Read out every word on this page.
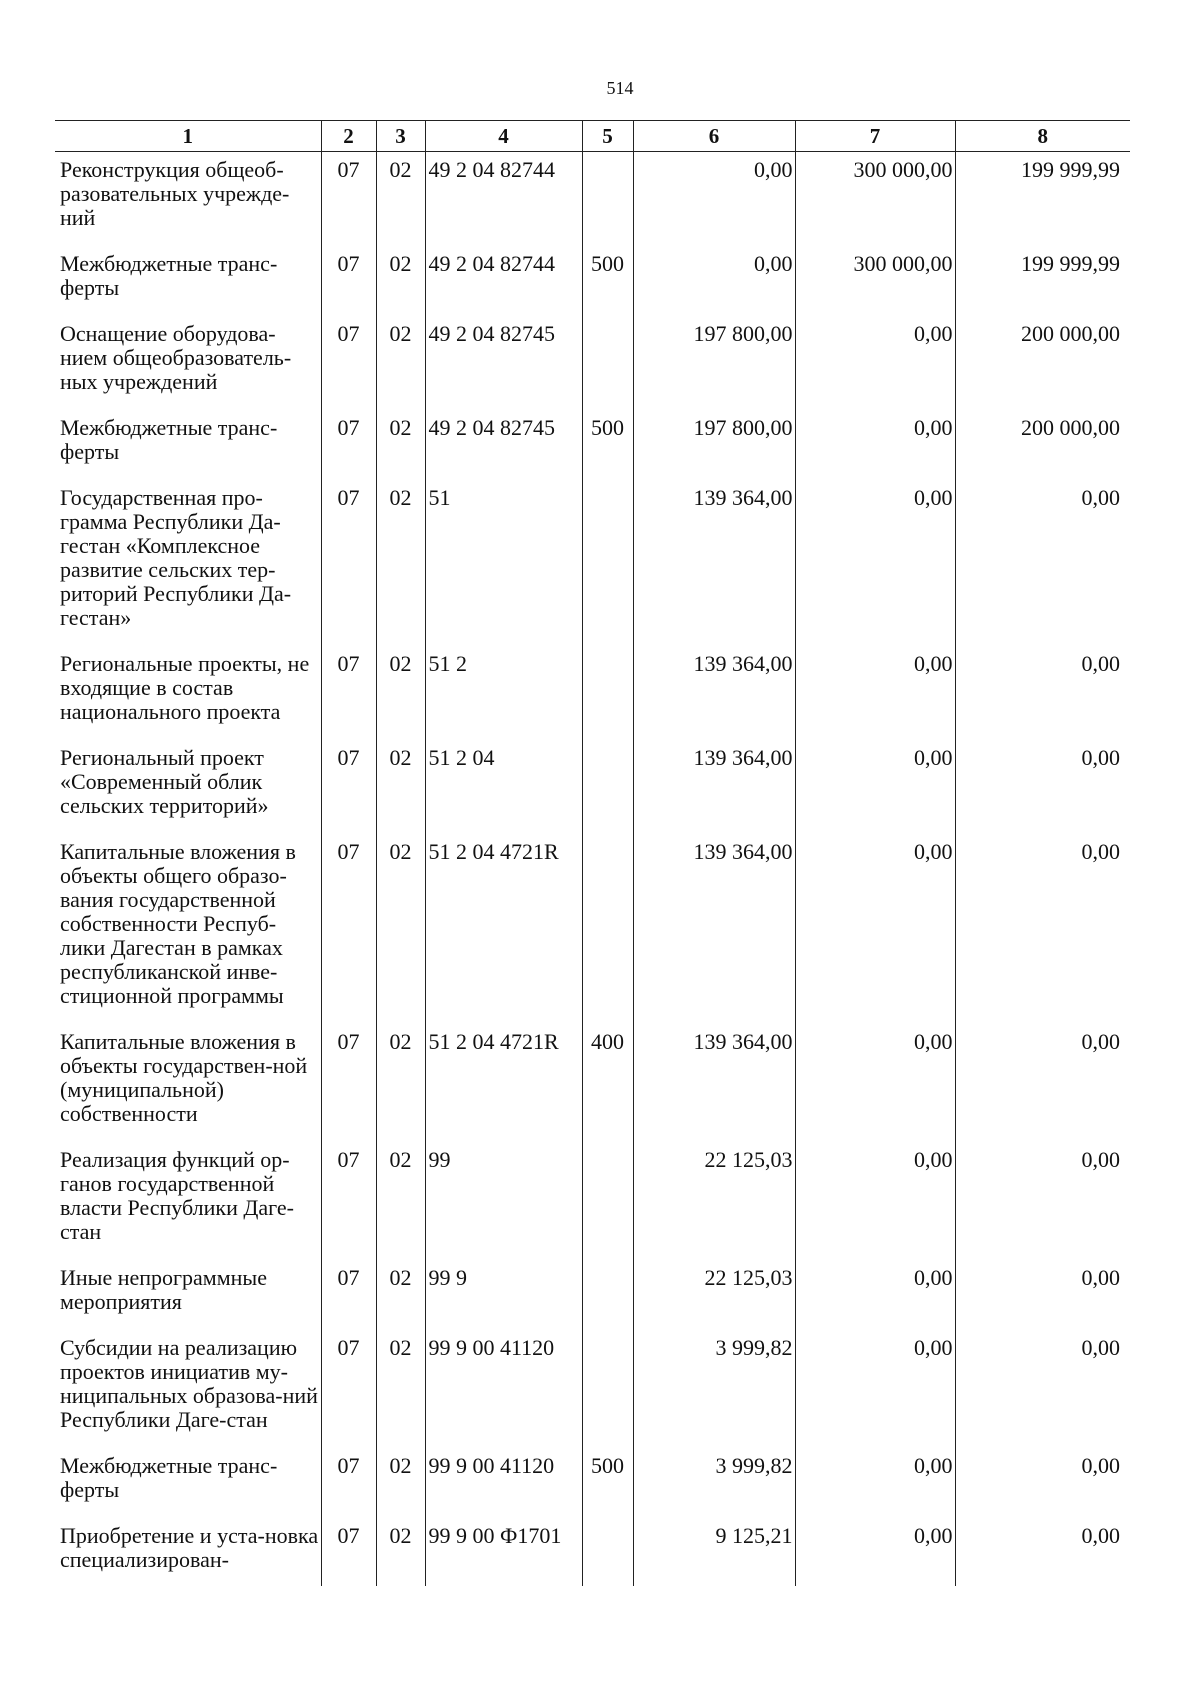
514
1	2	3	4	5	6	7	8
Реконструкция общеоб-разовательных учрежде-ний	07	02	49 2 04 82744		0,00	300 000,00	199 999,99
Межбюджетные транс-ферты	07	02	49 2 04 82744	500	0,00	300 000,00	199 999,99
Оснащение оборудова-нием общеобразователь-ных учреждений	07	02	49 2 04 82745		197 800,00	0,00	200 000,00
Межбюджетные транс-ферты	07	02	49 2 04 82745	500	197 800,00	0,00	200 000,00
Государственная про-грамма Республики Да-гестан «Комплексное развитие сельских тер-риторий Республики Да-гестан»	07	02	51		139 364,00	0,00	0,00
Региональные проекты, не входящие в состав национального проекта	07	02	51 2		139 364,00	0,00	0,00
Региональный проект «Современный облик сельских территорий»	07	02	51 2 04		139 364,00	0,00	0,00
Капитальные вложения в объекты общего образо-вания государственной собственности Респуб-лики Дагестан в рамках республиканской инве-стиционной программы	07	02	51 2 04 4721R		139 364,00	0,00	0,00
Капитальные вложения в объекты государствен-ной (муниципальной) собственности	07	02	51 2 04 4721R	400	139 364,00	0,00	0,00
Реализация функций ор-ганов государственной власти Республики Даге-стан	07	02	99		22 125,03	0,00	0,00
Иные непрограммные мероприятия	07	02	99 9		22 125,03	0,00	0,00
Субсидии на реализацию проектов инициатив му-ниципальных образова-ний Республики Даге-стан	07	02	99 9 00 41120		3 999,82	0,00	0,00
Межбюджетные транс-ферты	07	02	99 9 00 41120	500	3 999,82	0,00	0,00
Приобретение и уста-новка специализирован-	07	02	99 9 00 Ф1701		9 125,21	0,00	0,00
